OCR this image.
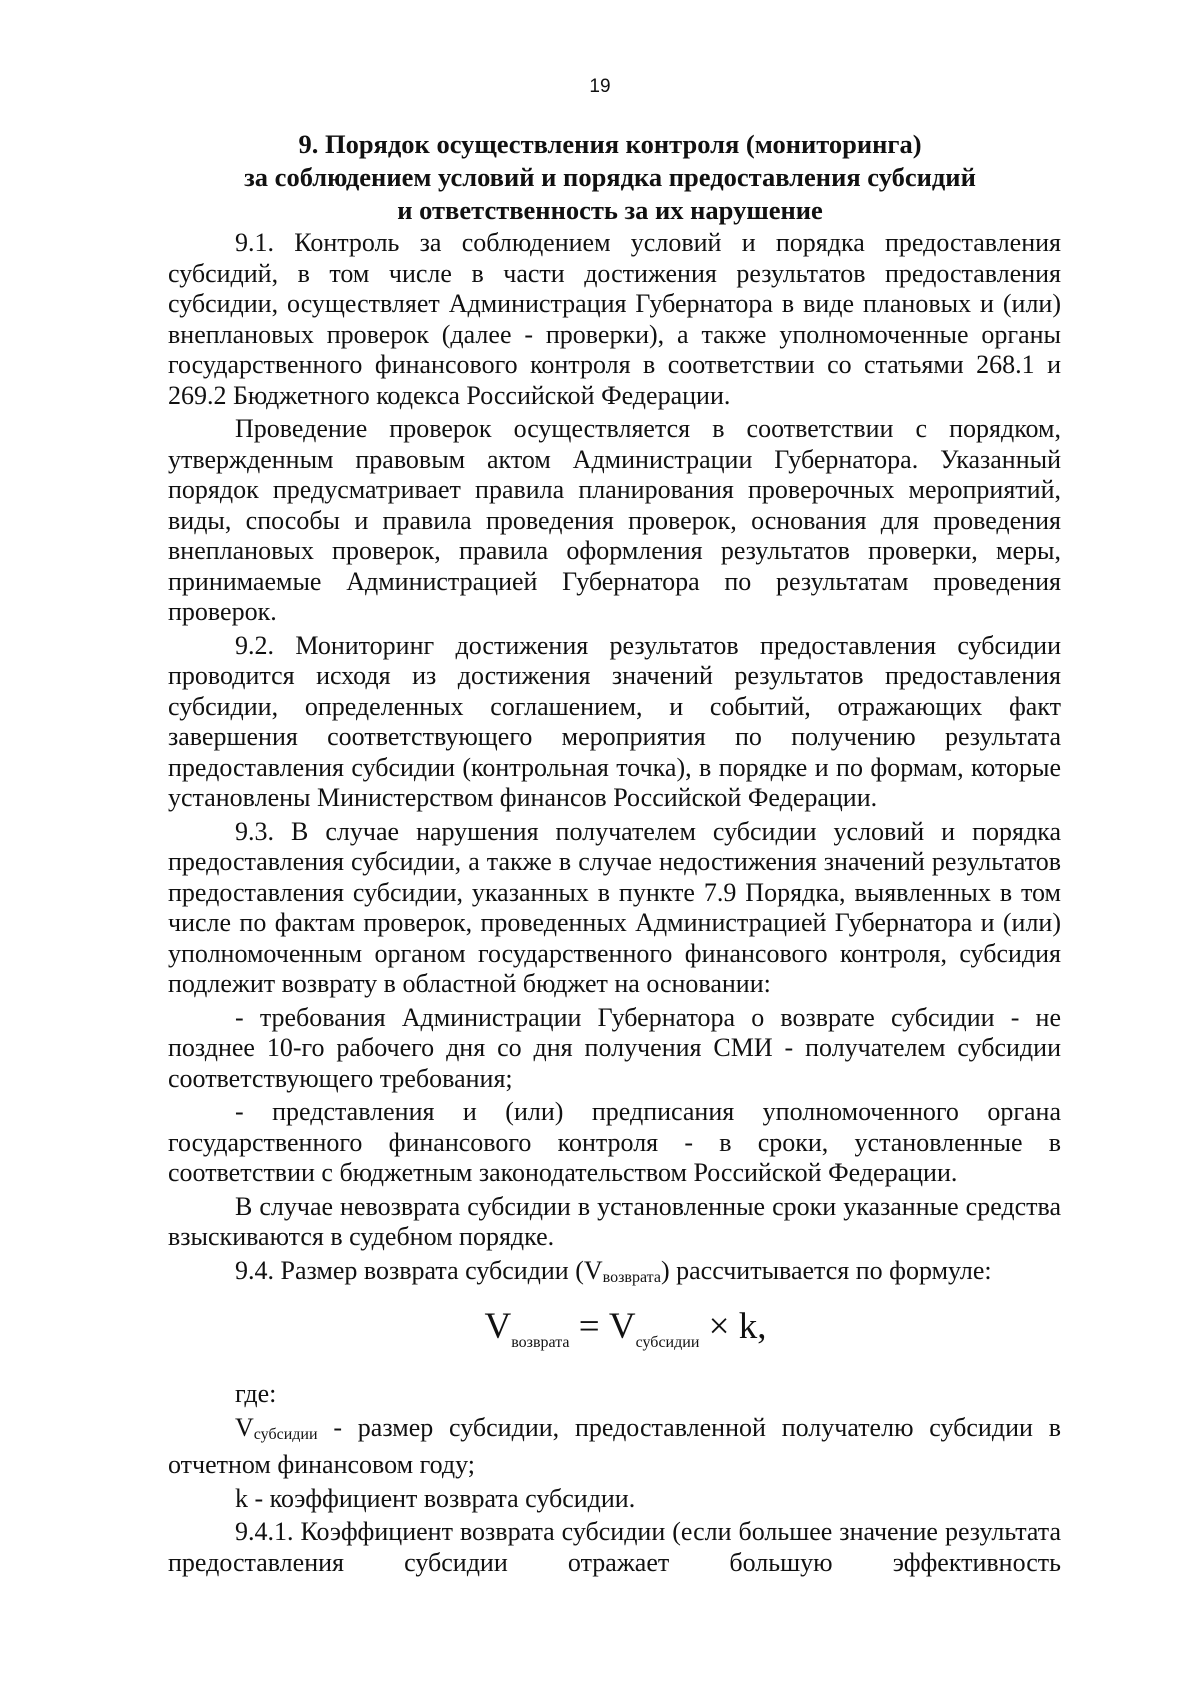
19
9. Порядок осуществления контроля (мониторинга)
за соблюдением условий и порядка предоставления субсидий
и ответственность за их нарушение

9.1. Контроль за соблюдением условий и порядка предоставления субсидий, в том числе в части достижения результатов предоставления субсидии, осуществляет Администрация Губернатора в виде плановых и (или) внеплановых проверок (далее - проверки), а также уполномоченные органы государственного финансового контроля в соответствии со статьями 268.1 и 269.2 Бюджетного кодекса Российской Федерации.

Проведение проверок осуществляется в соответствии с порядком, утвержденным правовым актом Администрации Губернатора. Указанный порядок предусматривает правила планирования проверочных мероприятий, виды, способы и правила проведения проверок, основания для проведения внеплановых проверок, правила оформления результатов проверки, меры, принимаемые Администрацией Губернатора по результатам проведения проверок.

9.2. Мониторинг достижения результатов предоставления субсидии проводится исходя из достижения значений результатов предоставления субсидии, определенных соглашением, и событий, отражающих факт завершения соответствующего мероприятия по получению результата предоставления субсидии (контрольная точка), в порядке и по формам, которые установлены Министерством финансов Российской Федерации.

9.3. В случае нарушения получателем субсидии условий и порядка предоставления субсидии, а также в случае недостижения значений результатов предоставления субсидии, указанных в пункте 7.9 Порядка, выявленных в том числе по фактам проверок, проведенных Администрацией Губернатора и (или) уполномоченным органом государственного финансового контроля, субсидия подлежит возврату в областной бюджет на основании:

- требования Администрации Губернатора о возврате субсидии - не позднее 10-го рабочего дня со дня получения СМИ - получателем субсидии соответствующего требования;

- представления и (или) предписания уполномоченного органа государственного финансового контроля - в сроки, установленные в соответствии с бюджетным законодательством Российской Федерации.

В случае невозврата субсидии в установленные сроки указанные средства взыскиваются в судебном порядке.

9.4. Размер возврата субсидии (Vвозврата) рассчитывается по формуле:

$V_{возврата} = V_{субсидии} \times k$,

где:

Vсубсидии - размер субсидии, предоставленной получателю субсидии в отчетном финансовом году;

k - коэффициент возврата субсидии.

9.4.1. Коэффициент возврата субсидии (если большее значение результата предоставления субсидии отражает большую эффективность
